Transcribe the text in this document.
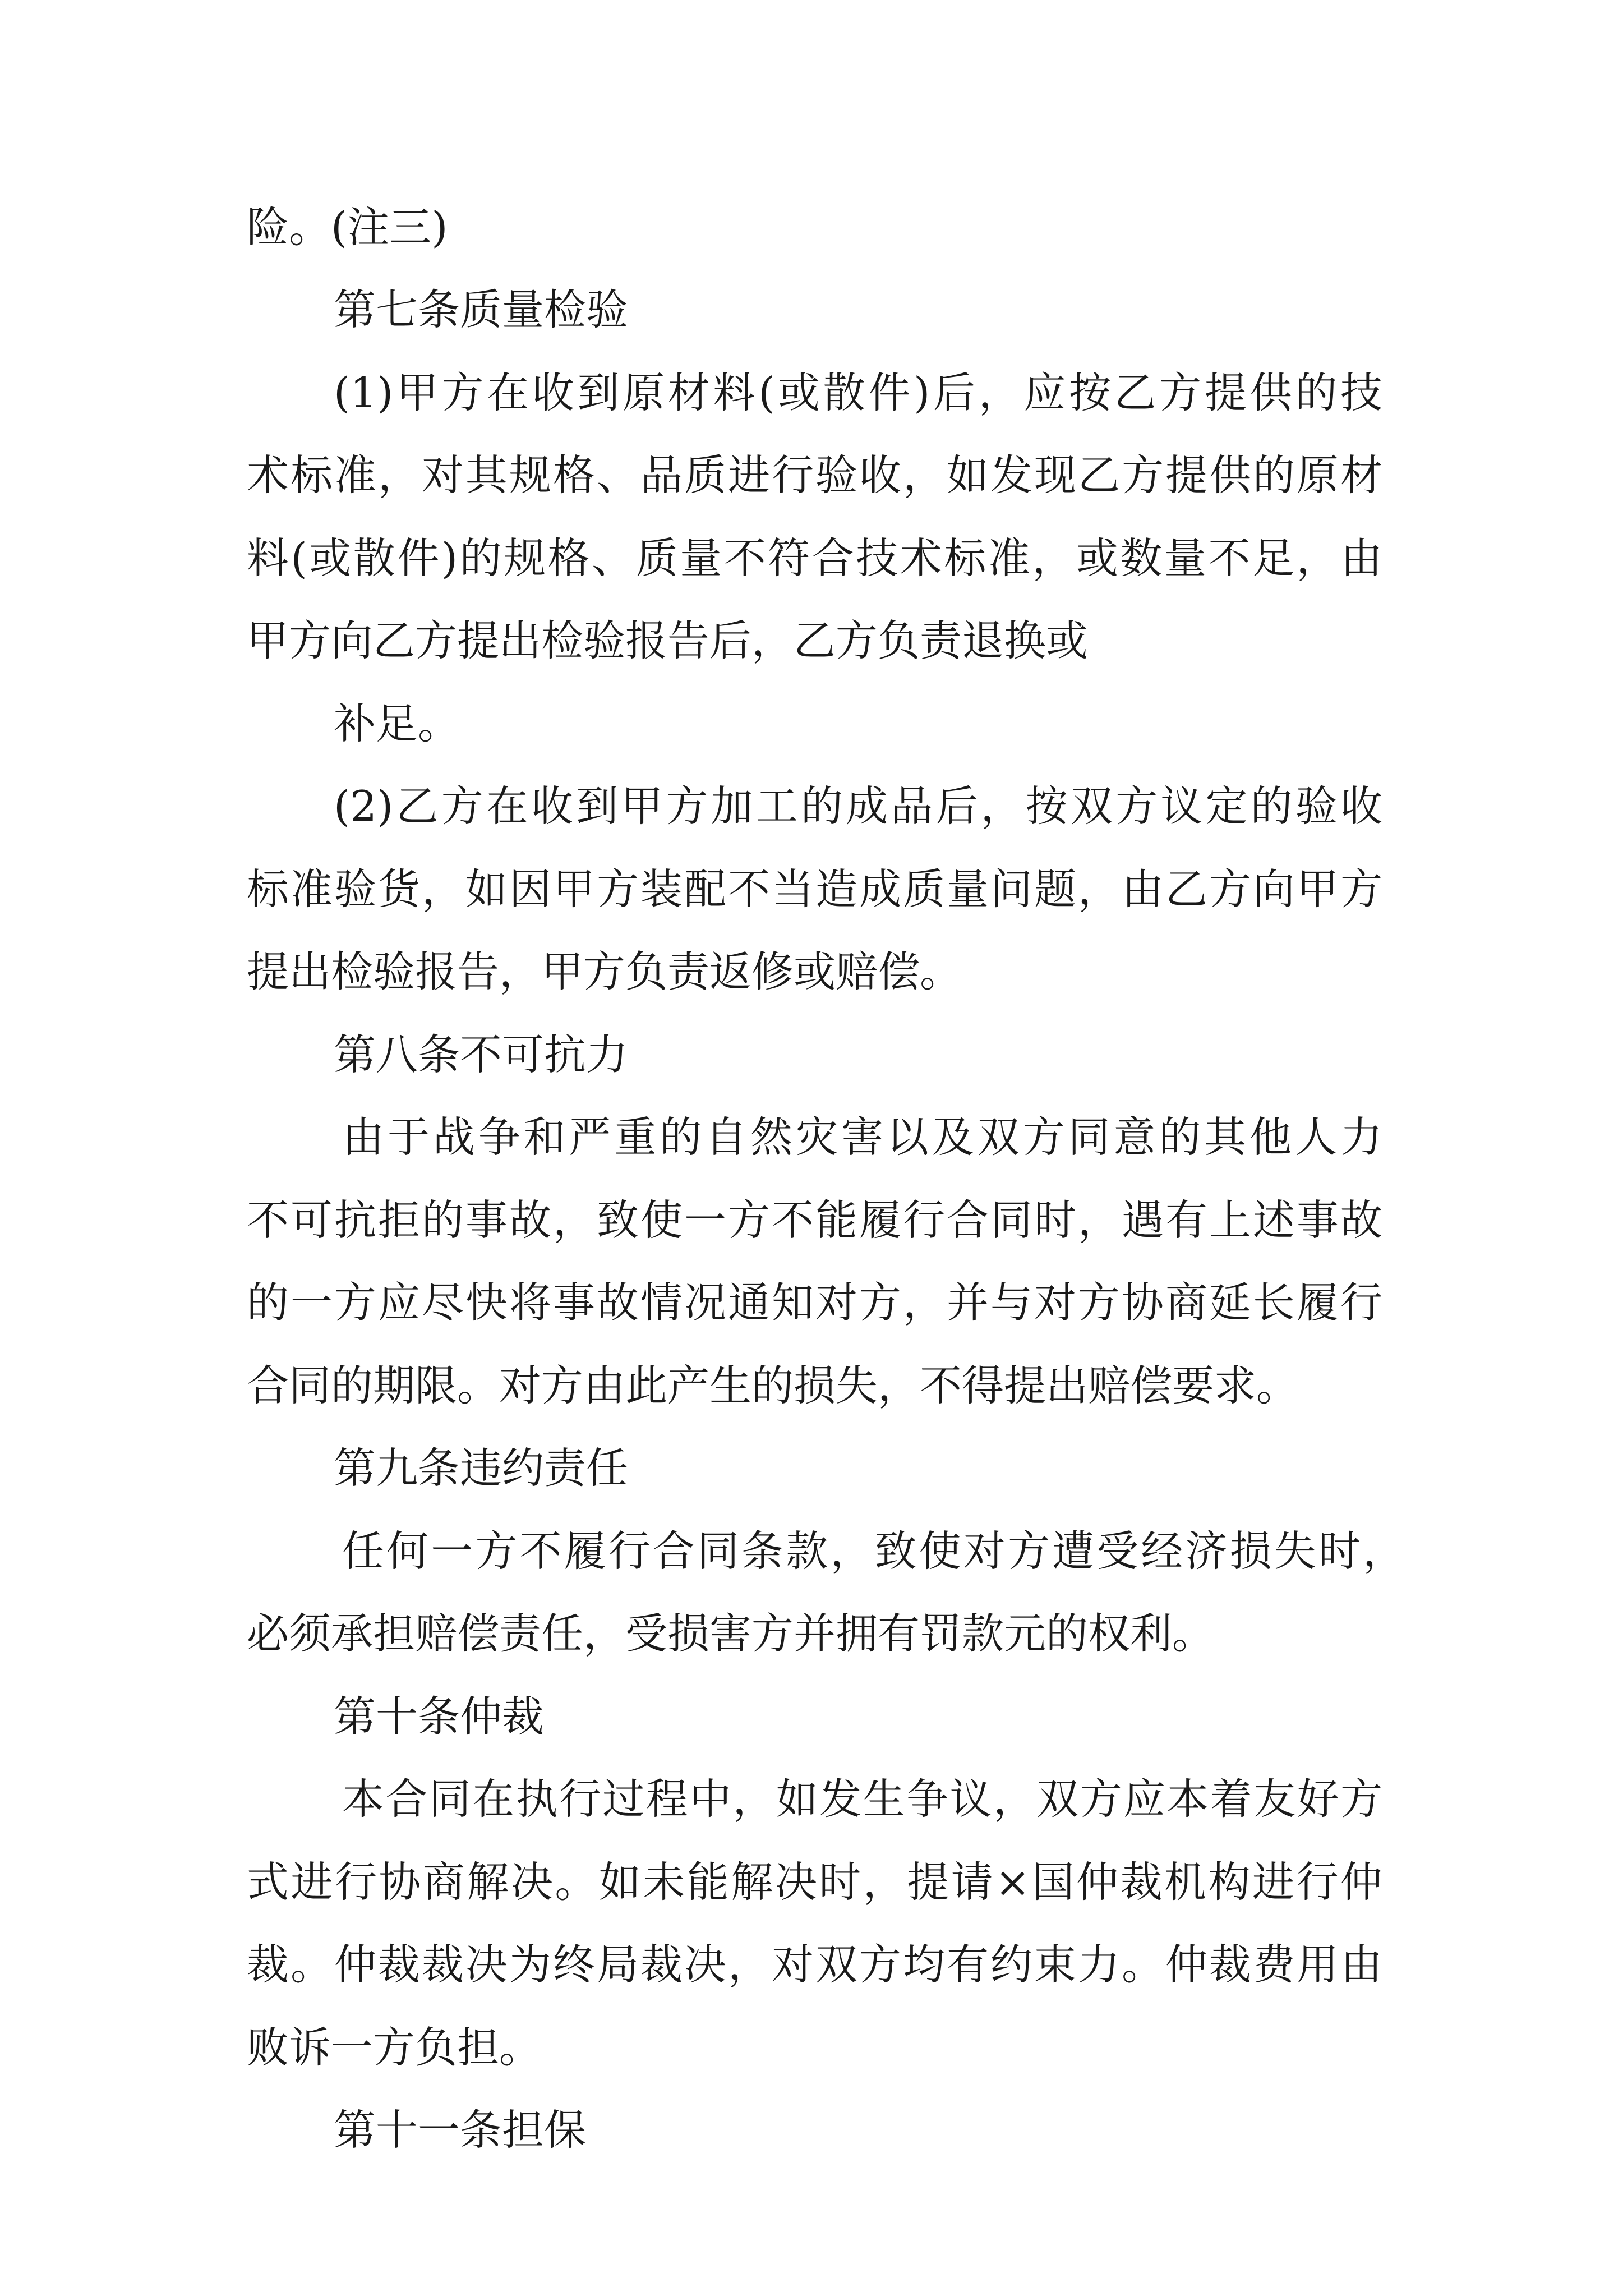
险。(注三)
第七条质量检验
(1)甲方在收到原材料(或散件)后，应按乙方提供的技
术标准，对其规格、品质进行验收，如发现乙方提供的原材
料(或散件)的规格、质量不符合技术标准，或数量不足，由
甲方向乙方提出检验报告后，乙方负责退换或
补足。
(2)乙方在收到甲方加工的成品后，按双方议定的验收
标准验货，如因甲方装配不当造成质量问题，由乙方向甲方
提出检验报告，甲方负责返修或赔偿。
第八条不可抗力
由于战争和严重的自然灾害以及双方同意的其他人力
不可抗拒的事故，致使一方不能履行合同时，遇有上述事故
的一方应尽快将事故情况通知对方，并与对方协商延长履行
合同的期限。对方由此产生的损失，不得提出赔偿要求。
第九条违约责任
任何一方不履行合同条款，致使对方遭受经济损失时，
必须承担赔偿责任，受损害方并拥有罚款元的权利。
第十条仲裁
本合同在执行过程中，如发生争议，双方应本着友好方
式进行协商解决。如未能解决时，提请×国仲裁机构进行仲
裁。仲裁裁决为终局裁决，对双方均有约束力。仲裁费用由
败诉一方负担。
第十一条担保
